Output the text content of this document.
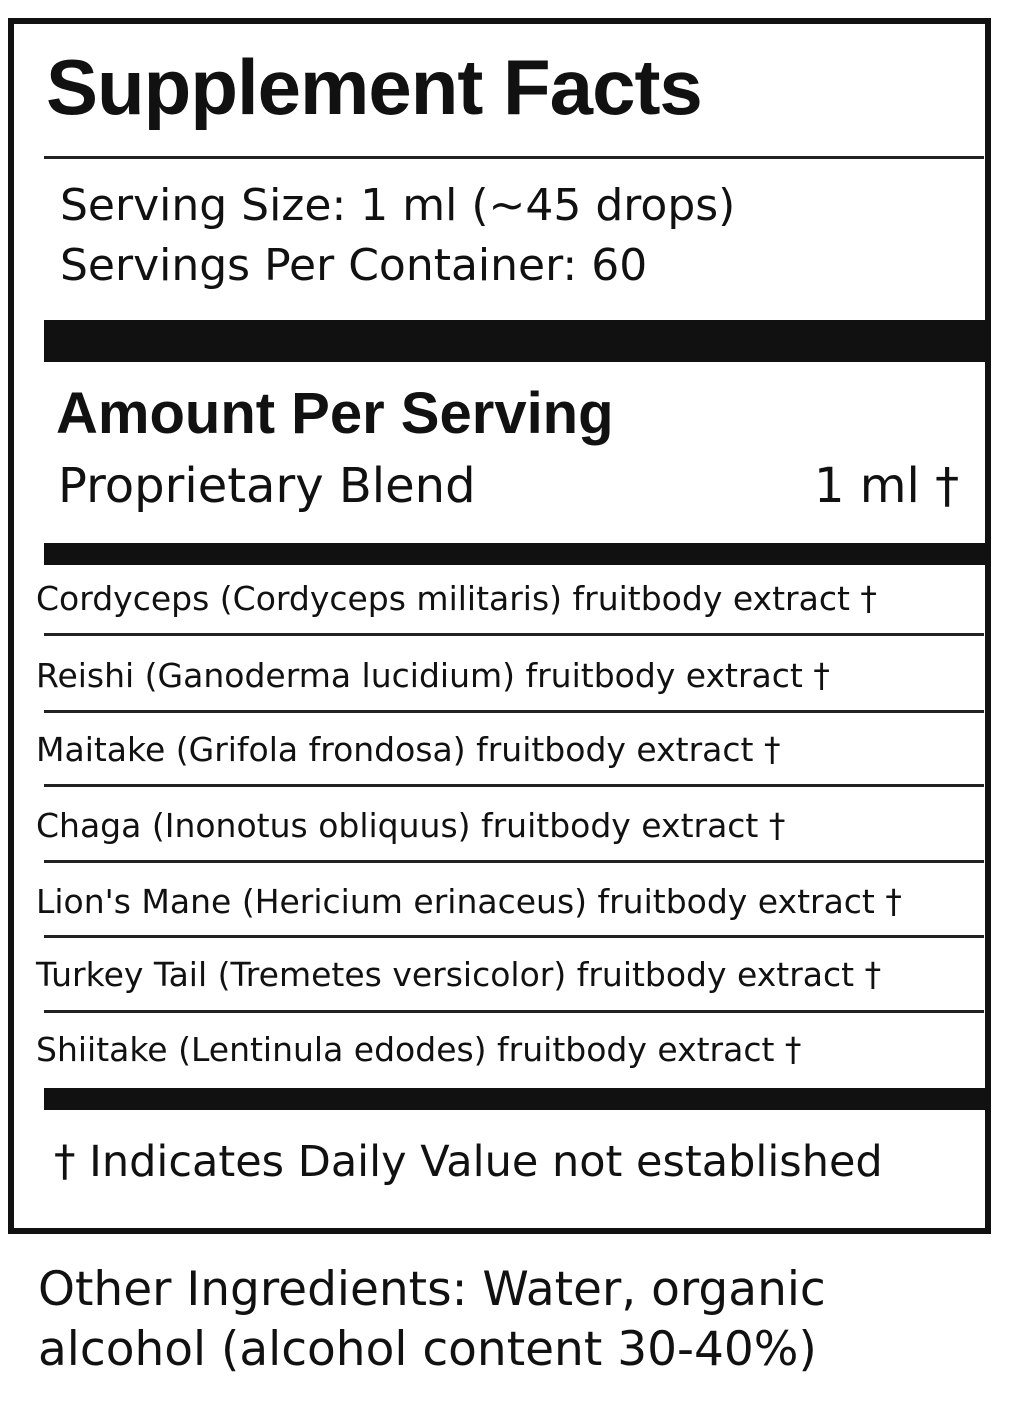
Supplement Facts
Serving Size: 1 ml (~45 drops)
Servings Per Container: 60
Amount Per Serving
Proprietary Blend	1 ml †
Cordyceps (Cordyceps militaris) fruitbody extract †
Reishi (Ganoderma lucidium) fruitbody extract †
Maitake (Grifola frondosa) fruitbody extract †
Chaga (Inonotus obliquus) fruitbody extract †
Lion's Mane (Hericium erinaceus) fruitbody extract †
Turkey Tail (Tremetes versicolor) fruitbody extract †
Shiitake (Lentinula edodes) fruitbody extract †
† Indicates Daily Value not established
Other Ingredients: Water, organic
alcohol (alcohol content 30-40%)
